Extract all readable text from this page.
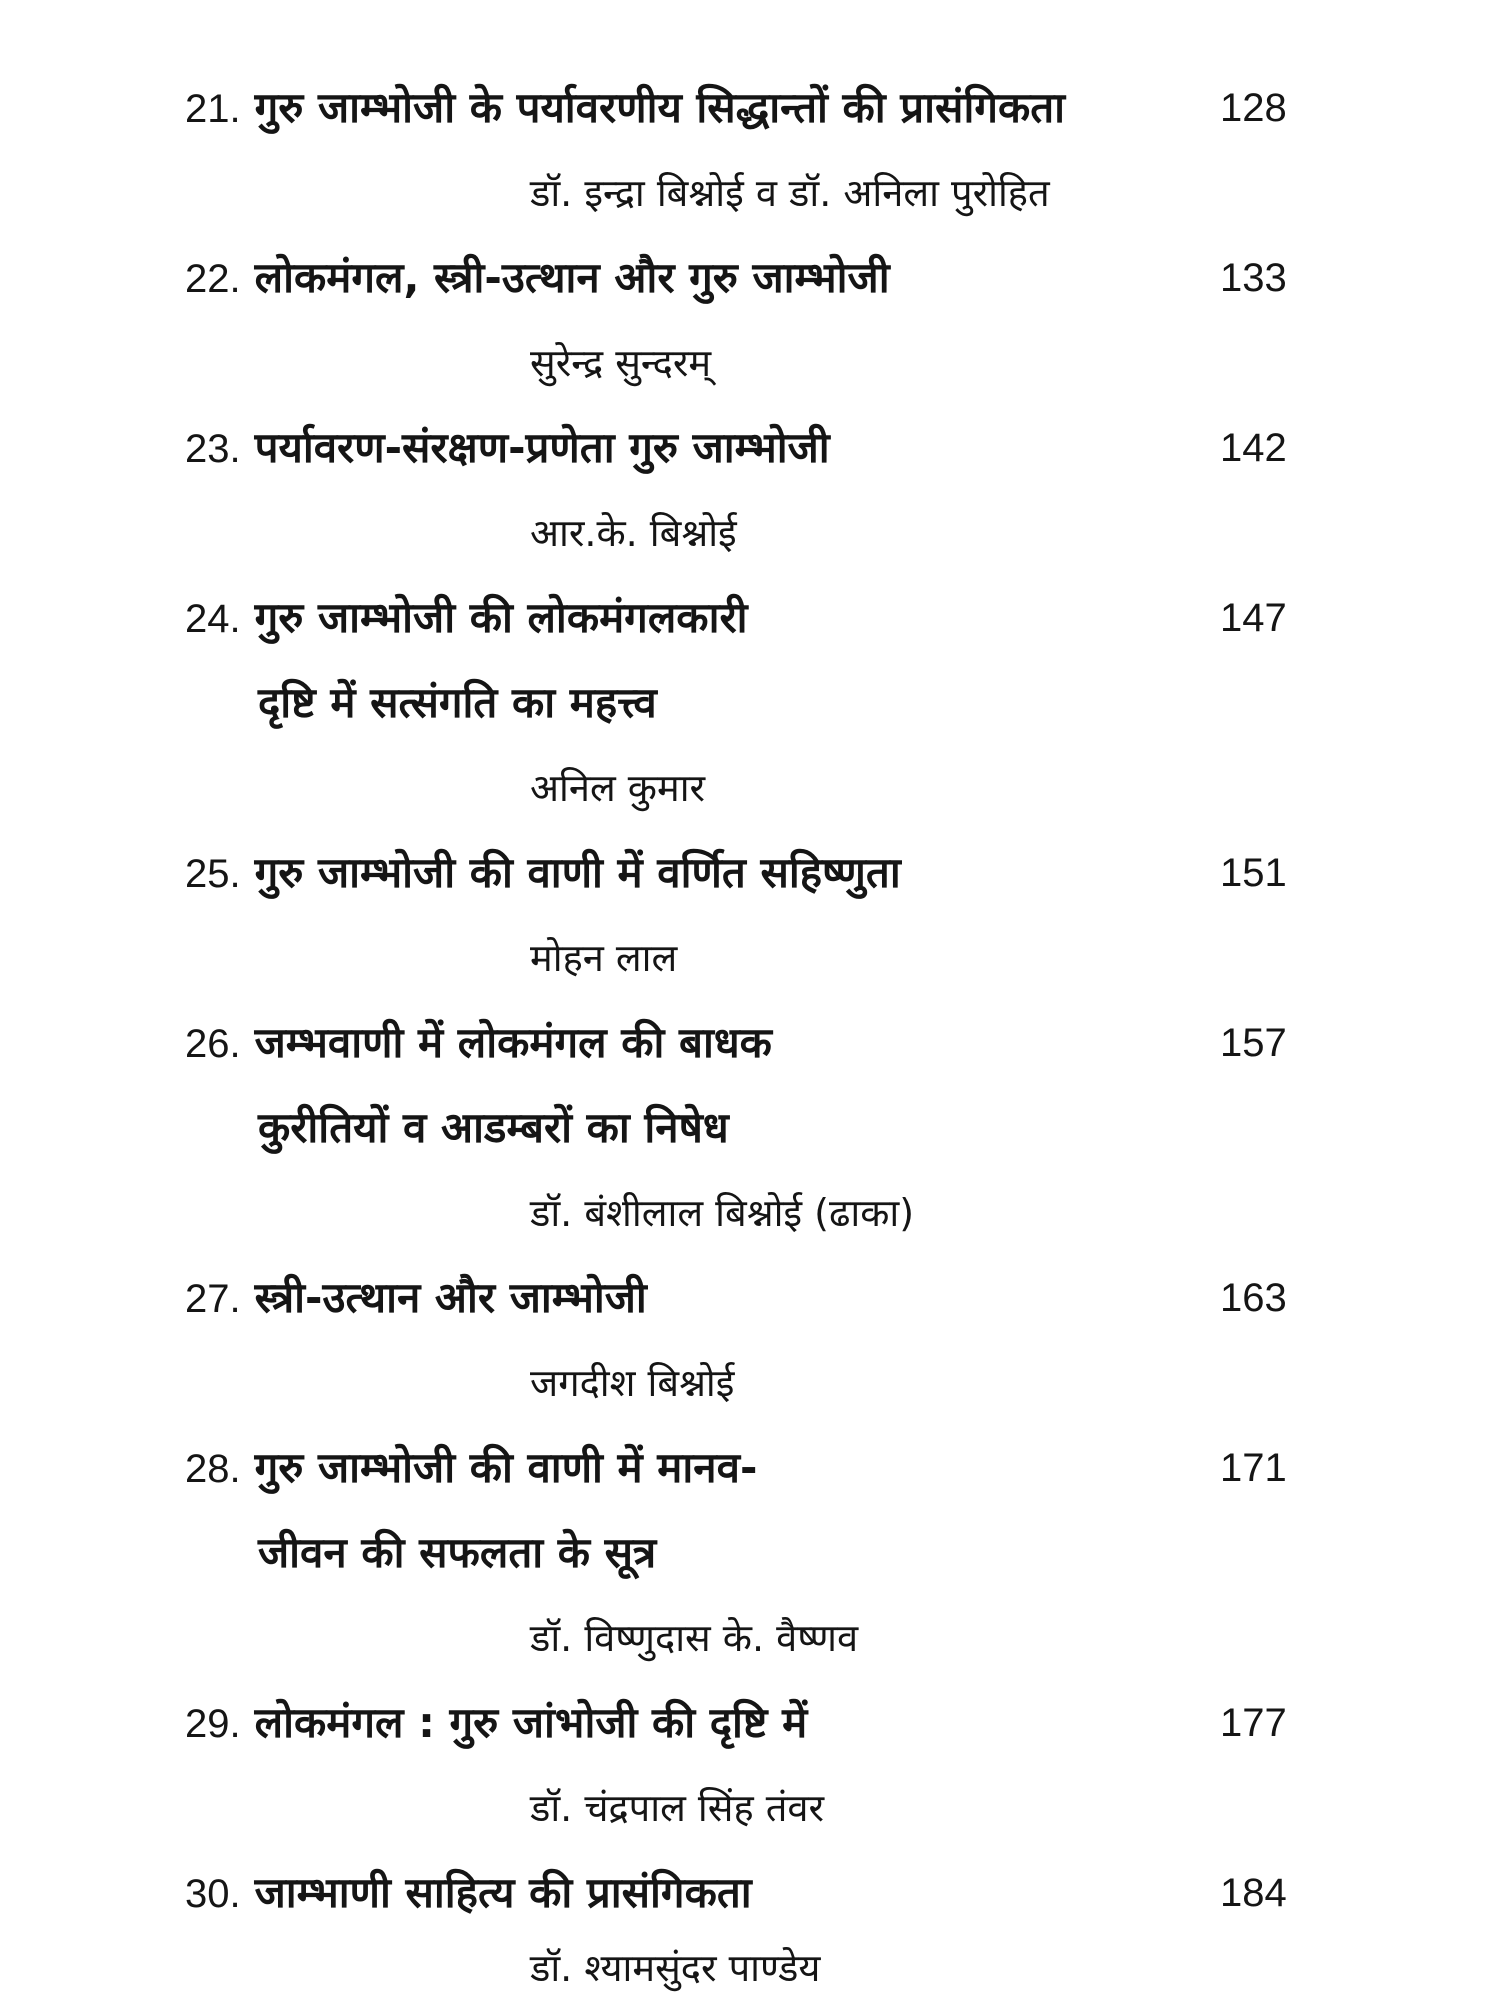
21. गुरु जाम्भोजी के पर्यावरणीय सिद्धान्तों की प्रासंगिकता	128
डॉ. इन्द्रा बिश्नोई व डॉ. अनिला पुरोहित
22. लोकमंगल, स्त्री-उत्थान और गुरु जाम्भोजी	133
सुरेन्द्र सुन्दरम्
23. पर्यावरण-संरक्षण-प्रणेता गुरु जाम्भोजी	142
आर.के. बिश्नोई
24. गुरु जाम्भोजी की लोकमंगलकारी	147
दृष्टि में सत्संगति का महत्त्व
अनिल कुमार
25. गुरु जाम्भोजी की वाणी में वर्णित सहिष्णुता	151
मोहन लाल
26. जम्भवाणी में लोकमंगल की बाधक	157
कुरीतियों व आडम्बरों का निषेध
डॉ. बंशीलाल बिश्नोई (ढाका)
27. स्त्री-उत्थान और जाम्भोजी	163
जगदीश बिश्नोई
28. गुरु जाम्भोजी की वाणी में मानव-	171
जीवन की सफलता के सूत्र
डॉ. विष्णुदास के. वैष्णव
29. लोकमंगल : गुरु जांभोजी की दृष्टि में	177
डॉ. चंद्रपाल सिंह तंवर
30. जाम्भाणी साहित्य की प्रासंगिकता	184
डॉ. श्यामसुंदर पाण्डेय
